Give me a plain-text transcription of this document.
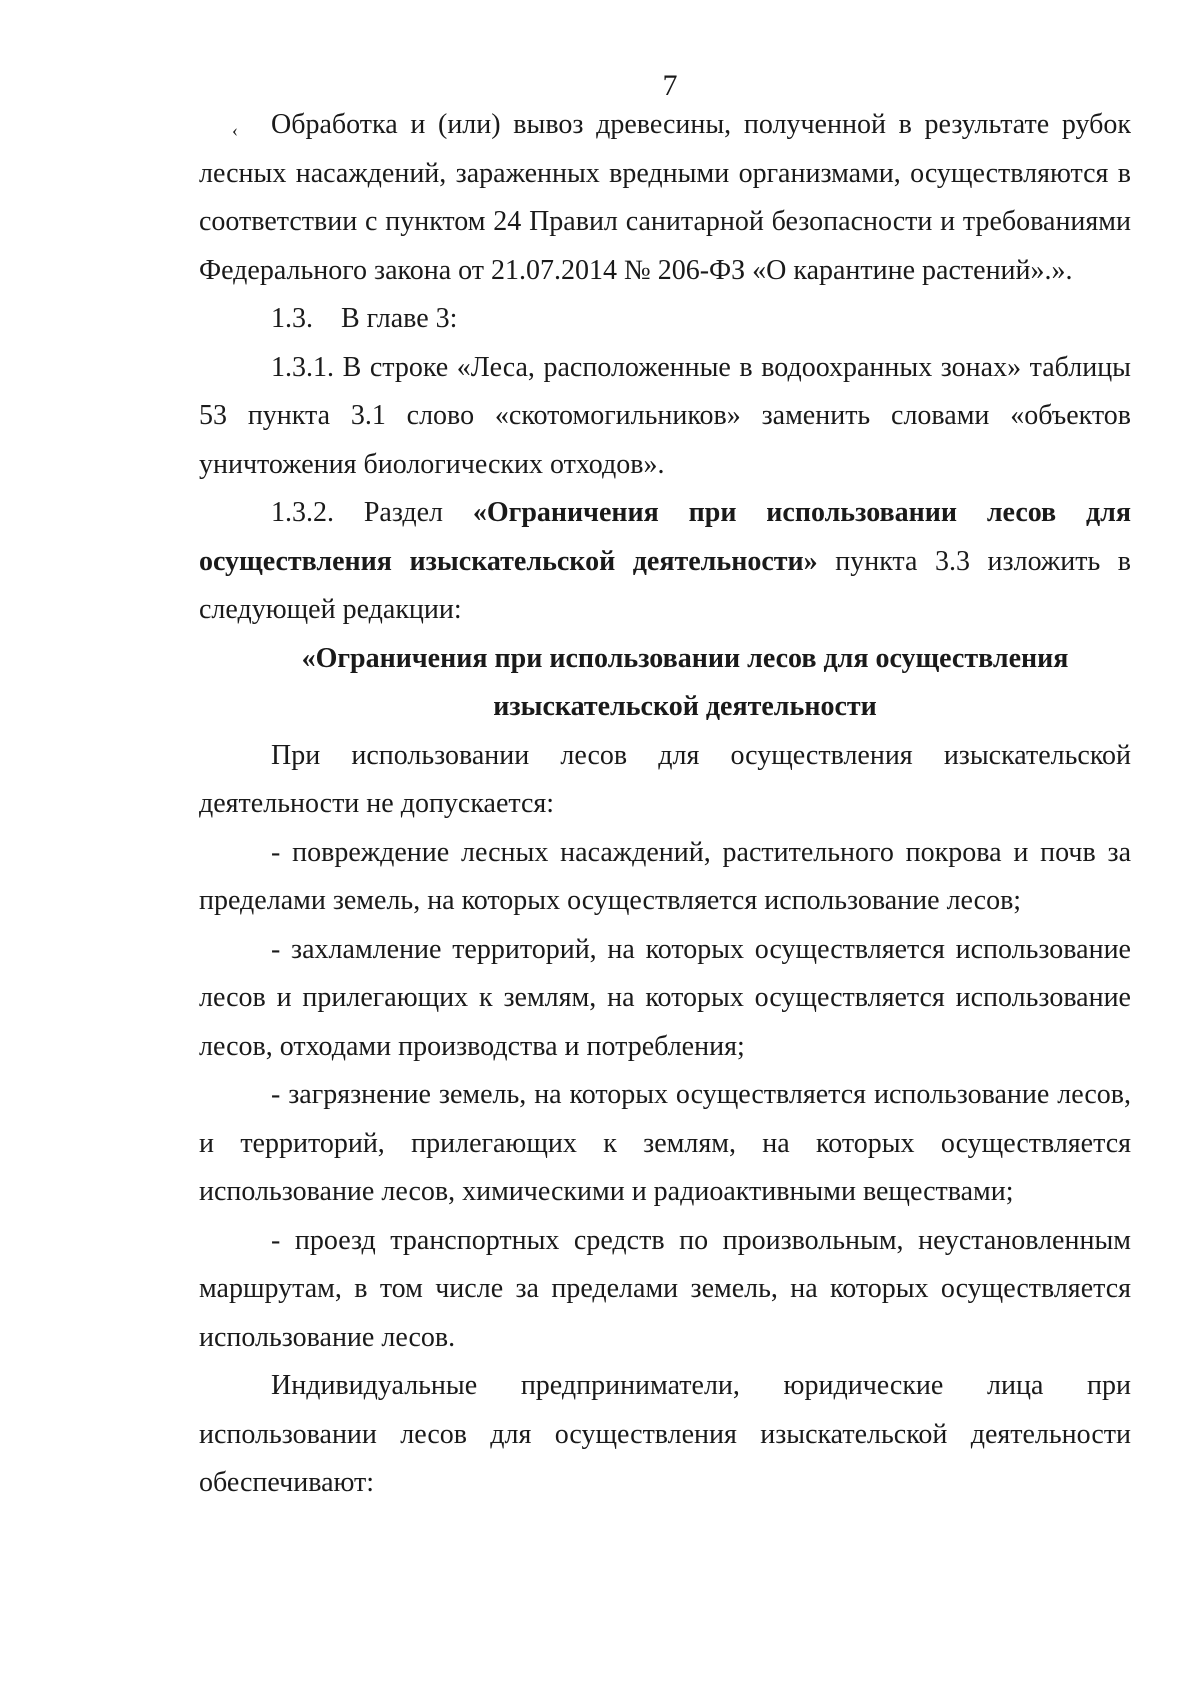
7
‹	Обработка и (или) вывоз древесины, полученной в результате рубок лесных насаждений, зараженных вредными организмами, осуществляются в соответствии с пунктом 24 Правил санитарной безопасности и требованиями Федерального закона от 21.07.2014 № 206-ФЗ «О карантине растений».».

1.3.    В главе 3:

1.3.1. В строке «Леса, расположенные в водоохранных зонах» таблицы 53 пункта 3.1 слово «скотомогильников» заменить словами «объектов уничтожения биологических отходов».

1.3.2. Раздел «Ограничения при использовании лесов для осуществления изыскательской деятельности» пункта 3.3 изложить в следующей редакции:

«Ограничения при использовании лесов для осуществления

изыскательской деятельности

При использовании лесов для осуществления изыскательской деятельности не допускается:

- повреждение лесных насаждений, растительного покрова и почв за пределами земель, на которых осуществляется использование лесов;

- захламление территорий, на которых осуществляется использование лесов и прилегающих к землям, на которых осуществляется использование лесов, отходами производства и потребления;

- загрязнение земель, на которых осуществляется использование лесов, и территорий, прилегающих к землям, на которых осуществляется использование лесов, химическими и радиоактивными веществами;

- проезд транспортных средств по произвольным, неустановленным маршрутам, в том числе за пределами земель, на которых осуществляется использование лесов.

Индивидуальные предприниматели, юридические лица при использовании лесов для осуществления изыскательской деятельности обеспечивают:
